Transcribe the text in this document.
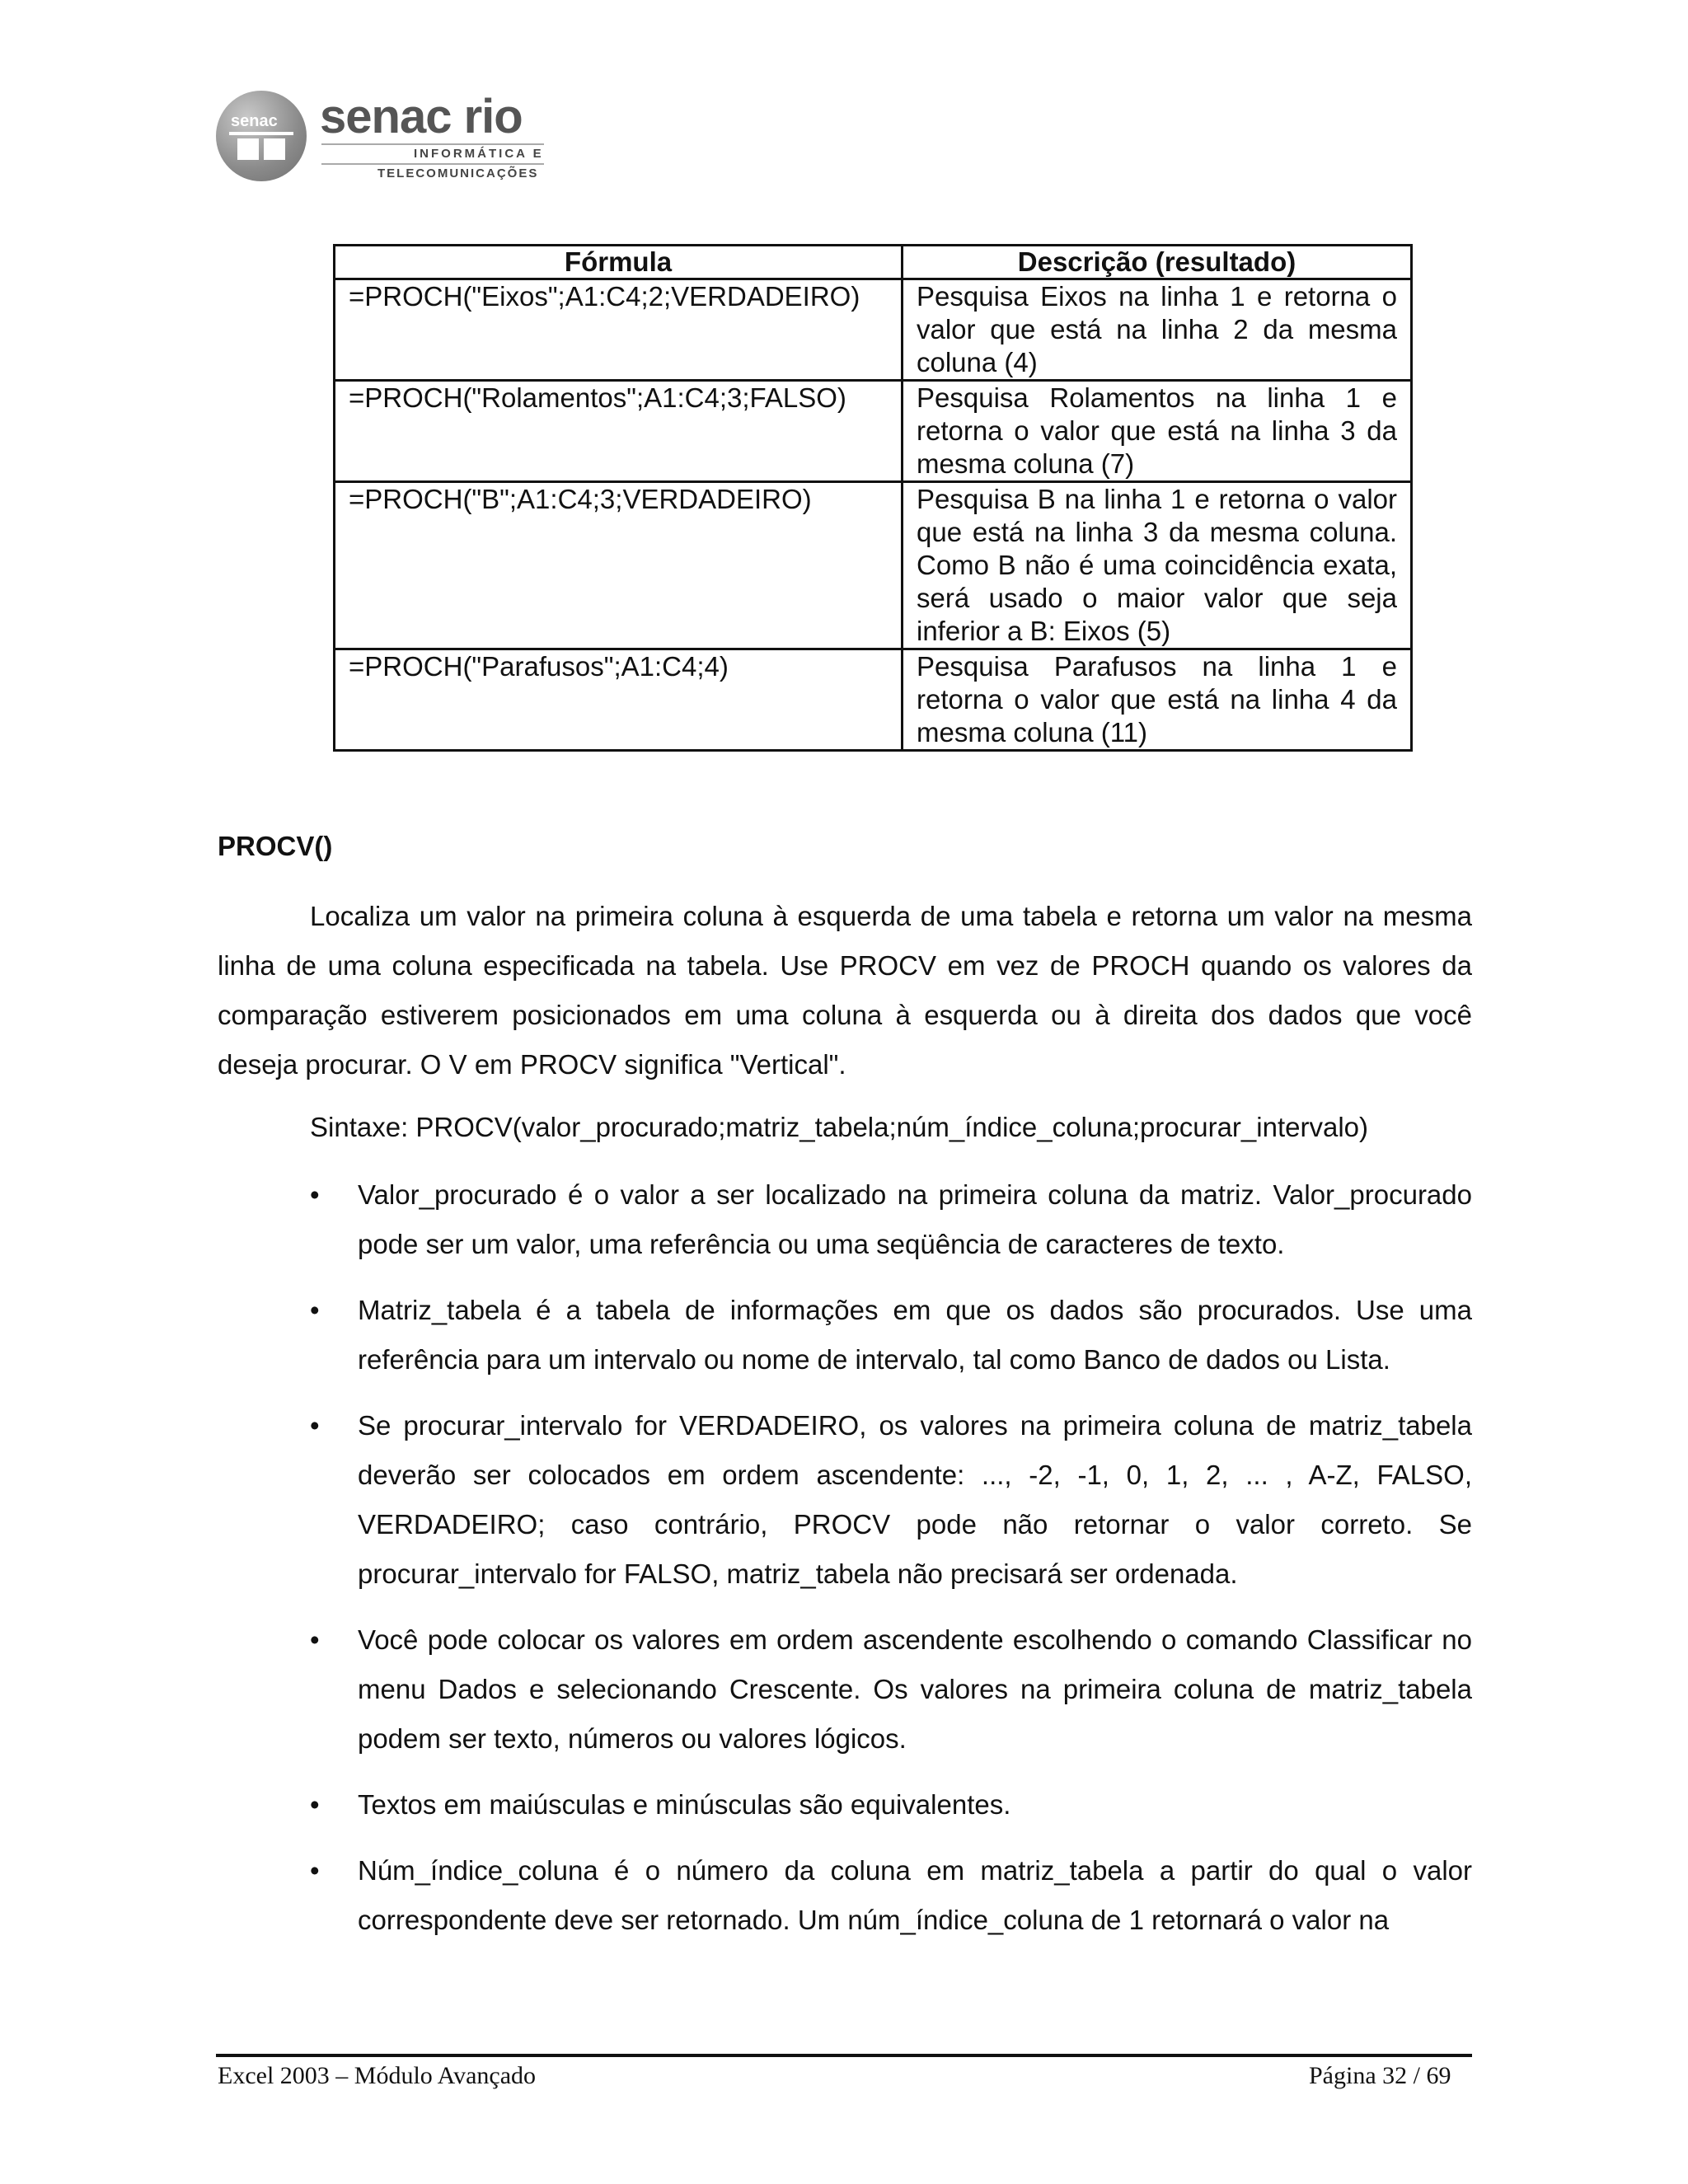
senac senac rio
INFORMÁTICA E
TELECOMUNICAÇÕES
Fórmula	Descrição (resultado)
=PROCH("Eixos";A1:C4;2;VERDADEIRO)	Pesquisa Eixos na linha 1 e retorna o valor que está na linha 2 da mesma coluna (4)
=PROCH("Rolamentos";A1:C4;3;FALSO)	Pesquisa Rolamentos na linha 1 e retorna o valor que está na linha 3 da mesma coluna (7)
=PROCH("B";A1:C4;3;VERDADEIRO)	Pesquisa B na linha 1 e retorna o valor que está na linha 3 da mesma coluna. Como B não é uma coincidência exata, será usado o maior valor que seja inferior a B: Eixos (5)
=PROCH("Parafusos";A1:C4;4)	Pesquisa Parafusos na linha 1 e retorna o valor que está na linha 4 da mesma coluna (11)
PROCV()

Localiza um valor na primeira coluna à esquerda de uma tabela e retorna um valor na mesma linha de uma coluna especificada na tabela. Use PROCV em vez de PROCH quando os valores da comparação estiverem posicionados em uma coluna à esquerda ou à direita dos dados que você deseja procurar. O V em PROCV significa "Vertical".

Sintaxe: PROCV(valor_procurado;matriz_tabela;núm_índice_coluna;procurar_intervalo)

• Valor_procurado é o valor a ser localizado na primeira coluna da matriz. Valor_procurado pode ser um valor, uma referência ou uma seqüência de caracteres de texto.
• Matriz_tabela é a tabela de informações em que os dados são procurados. Use uma referência para um intervalo ou nome de intervalo, tal como Banco de dados ou Lista.
• Se procurar_intervalo for VERDADEIRO, os valores na primeira coluna de matriz_tabela deverão ser colocados em ordem ascendente: ..., -2, -1, 0, 1, 2, ... , A-Z, FALSO, VERDADEIRO; caso contrário, PROCV pode não retornar o valor correto. Se procurar_intervalo for FALSO, matriz_tabela não precisará ser ordenada.
• Você pode colocar os valores em ordem ascendente escolhendo o comando Classificar no menu Dados e selecionando Crescente. Os valores na primeira coluna de matriz_tabela podem ser texto, números ou valores lógicos.
• Textos em maiúsculas e minúsculas são equivalentes.
• Núm_índice_coluna é o número da coluna em matriz_tabela a partir do qual o valor correspondente deve ser retornado. Um núm_índice_coluna de 1 retornará o valor na
Excel 2003 – Módulo Avançado	Página 32 / 69
